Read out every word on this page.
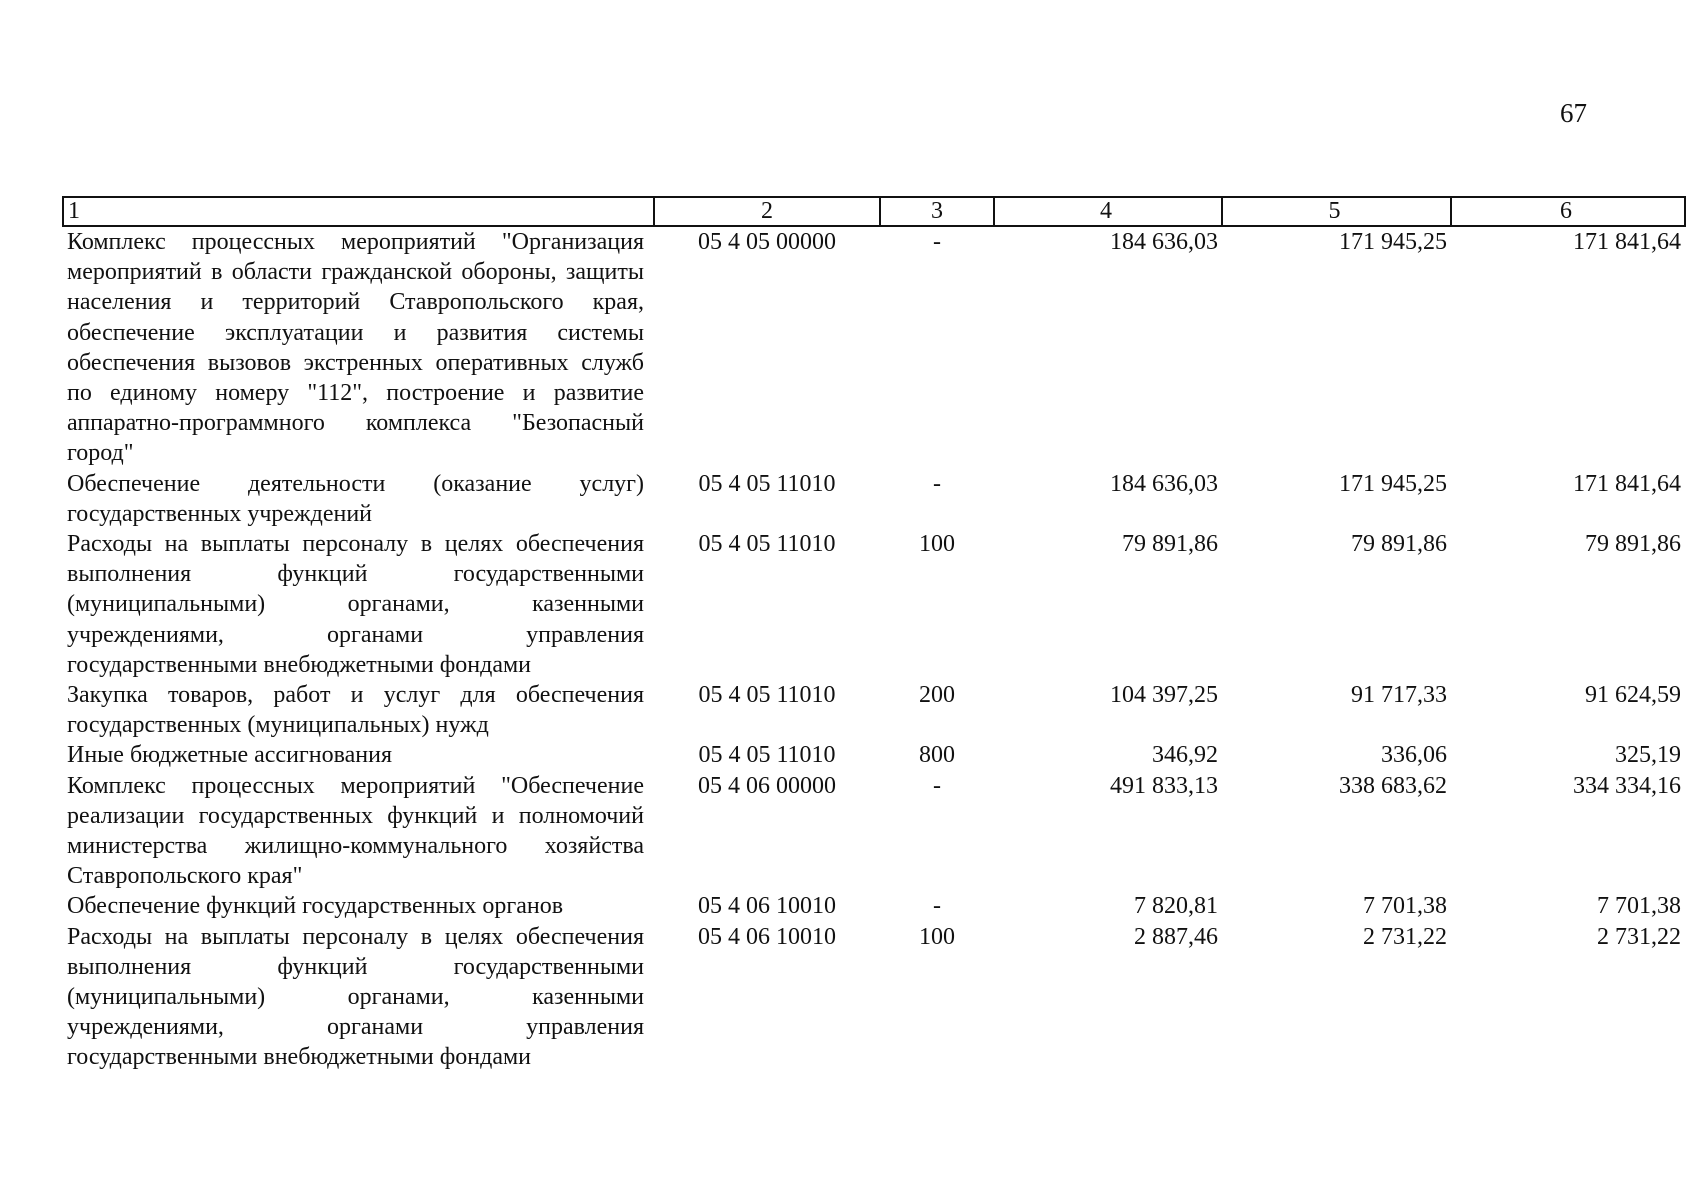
67
1	2	3	4	5	6
Комплекс процессных мероприятий "Организация мероприятий в области гражданской обороны, защиты населения и территорий Ставропольского края, обеспечение эксплуатации и развития системы обеспечения вызовов экстренных оперативных служб по единому номеру "112", построение и развитие аппаратно-программного комплекса "Безопасный город"	05 4 05 00000	-	184 636,03	171 945,25	171 841,64
Обеспечение деятельности (оказание услуг) государственных учреждений	05 4 05 11010	-	184 636,03	171 945,25	171 841,64
Расходы на выплаты персоналу в целях обеспечения выполнения функций государственными (муниципальными) органами, казенными учреждениями, органами управления государственными внебюджетными фондами	05 4 05 11010	100	79 891,86	79 891,86	79 891,86
Закупка товаров, работ и услуг для обеспечения государственных (муниципальных) нужд	05 4 05 11010	200	104 397,25	91 717,33	91 624,59
Иные бюджетные ассигнования	05 4 05 11010	800	346,92	336,06	325,19
Комплекс процессных мероприятий "Обеспечение реализации государственных функций и полномочий министерства жилищно-коммунального хозяйства Ставропольского края"	05 4 06 00000	-	491 833,13	338 683,62	334 334,16
Обеспечение функций государственных органов	05 4 06 10010	-	7 820,81	7 701,38	7 701,38
Расходы на выплаты персоналу в целях обеспечения выполнения функций государственными (муниципальными) органами, казенными учреждениями, органами управления государственными внебюджетными фондами	05 4 06 10010	100	2 887,46	2 731,22	2 731,22
